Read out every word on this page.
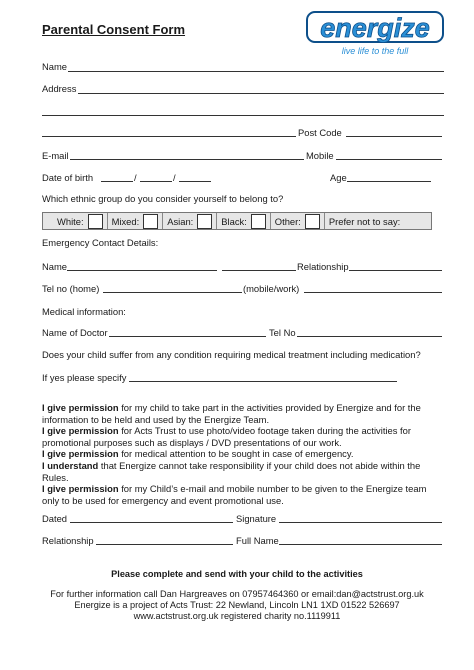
Parental Consent Form	energize
live life to the full
Name
Address
Post Code
E-mail	Mobile
Date of birth	/	/	Age
Which ethnic group do you consider yourself to belong to?
White:	Mixed:	Asian:	Black:	Other:	Prefer not to say:
Emergency Contact Details:
Name	Relationship
Tel no (home)	(mobile/work)
Medical information:
Name of Doctor	Tel No
Does your child suffer from any condition requiring medical treatment including medication?
If yes please specify
I give permission for my child to take part in the activities provided by Energize and for the information to be held and used by the Energize Team.
I give permission for Acts Trust to use photo/video footage taken during the activities for promotional purposes such as displays / DVD presentations of our work.
I give permission for medical attention to be sought in case of emergency.
I understand that Energize cannot take responsibility if your child does not abide within the Rules.
I give permission for my Child’s e-mail and mobile number to be given to the Energize team only to be used for emergency and event promotional use.
Dated	Signature
Relationship	Full Name
Please complete and send with your child to the activities
For further information call Dan Hargreaves on 07957464360 or email:dan@actstrust.org.uk
Energize is a project of Acts Trust: 22 Newland, Lincoln LN1 1XD 01522 526697
www.actstrust.org.uk registered charity no.1119911
